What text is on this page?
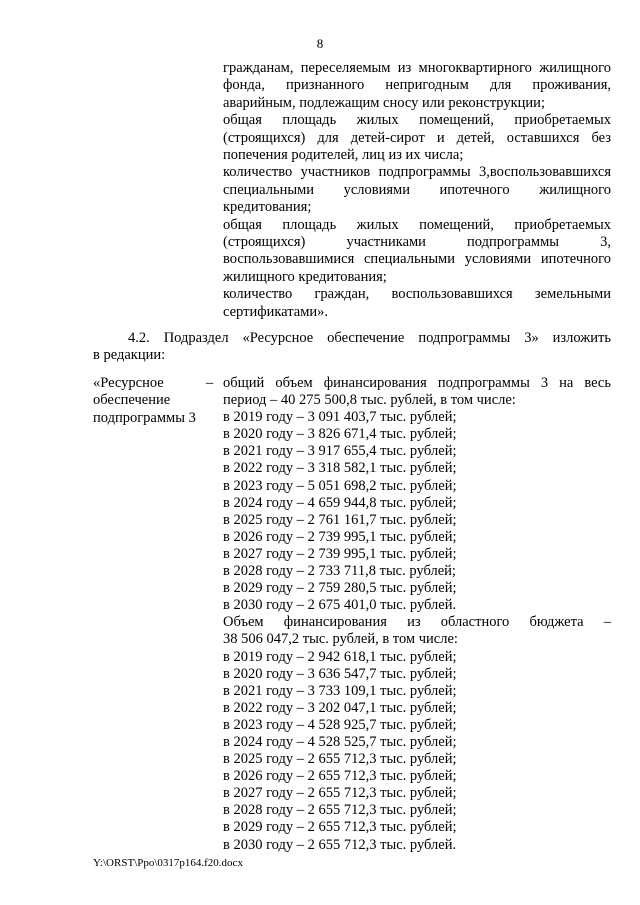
8
гражданам, переселяемым из многоквартирного жилищного
фонда, признанного непригодным для проживания,
аварийным, подлежащим сносу или реконструкции;
общая площадь жилых помещений, приобретаемых
(строящихся) для детей-сирот и детей, оставшихся без
попечения родителей, лиц из их числа;
количество участников подпрограммы 3,воспользовавшихся
специальными условиями ипотечного жилищного
кредитования;
общая площадь жилых помещений, приобретаемых
(строящихся) участниками подпрограммы 3,
воспользовавшимися специальными условиями ипотечного
жилищного кредитования;
количество граждан, воспользовавшихся земельными
сертификатами».
4.2. Подраздел «Ресурсное обеспечение подпрограммы 3» изложить
в редакции:
«Ресурсное
обеспечение
подпрограммы 3
– общий объем финансирования подпрограммы 3 на весь
период – 40 275 500,8 тыс. рублей, в том числе:
в 2019 году – 3 091 403,7 тыс. рублей;
в 2020 году – 3 826 671,4 тыс. рублей;
в 2021 году – 3 917 655,4 тыс. рублей;
в 2022 году – 3 318 582,1 тыс. рублей;
в 2023 году – 5 051 698,2 тыс. рублей;
в 2024 году – 4 659 944,8 тыс. рублей;
в 2025 году – 2 761 161,7 тыс. рублей;
в 2026 году – 2 739 995,1 тыс. рублей;
в 2027 году – 2 739 995,1 тыс. рублей;
в 2028 году – 2 733 711,8 тыс. рублей;
в 2029 году – 2 759 280,5 тыс. рублей;
в 2030 году – 2 675 401,0 тыс. рублей.
Объем финансирования из областного бюджета –
38 506 047,2 тыс. рублей, в том числе:
в 2019 году – 2 942 618,1 тыс. рублей;
в 2020 году – 3 636 547,7 тыс. рублей;
в 2021 году – 3 733 109,1 тыс. рублей;
в 2022 году – 3 202 047,1 тыс. рублей;
в 2023 году – 4 528 925,7 тыс. рублей;
в 2024 году – 4 528 525,7 тыс. рублей;
в 2025 году – 2 655 712,3 тыс. рублей;
в 2026 году – 2 655 712,3 тыс. рублей;
в 2027 году – 2 655 712,3 тыс. рублей;
в 2028 году – 2 655 712,3 тыс. рублей;
в 2029 году – 2 655 712,3 тыс. рублей;
в 2030 году – 2 655 712,3 тыс. рублей.
Y:\ORST\Ppo\0317p164.f20.docx
